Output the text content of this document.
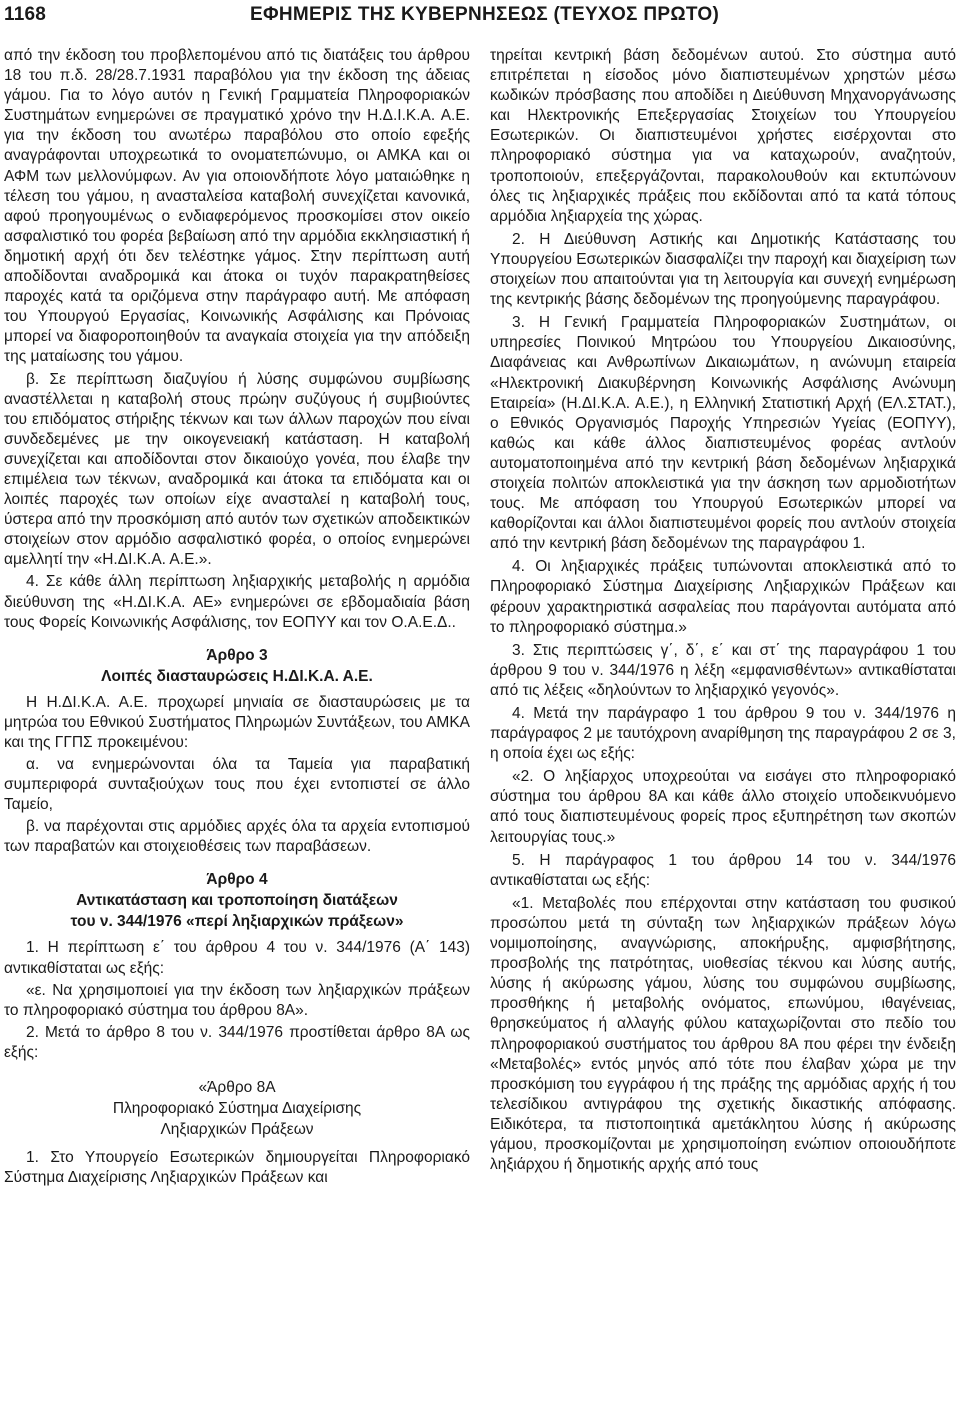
1168	ΕΦΗΜΕΡΙΣ ΤΗΣ ΚΥΒΕΡΝΗΣΕΩΣ (ΤΕΥΧΟΣ ΠΡΩΤΟ)

από την έκδοση του προβλεπομένου από τις διατάξεις του άρθρου 18 του π.δ. 28/28.7.1931 παραβόλου για την έκδοση της άδειας γάμου. Για το λόγο αυτόν η Γενική Γραμματεία Πληροφοριακών Συστημάτων ενημερώνει σε πραγματικό χρόνο την Η.Δ.Ι.Κ.Α. Α.Ε. για την έκδοση του ανωτέρω παραβόλου στο οποίο εφεξής αναγράφονται υποχρεωτικά το ονοματεπώνυμο, οι ΑΜΚΑ και οι ΑΦΜ των μελλονύμφων. Αν για οποιονδήποτε λόγο ματαιώθηκε η τέλεση του γάμου, η ανασταλείσα καταβολή συνεχίζεται κανονικά, αφού προηγουμένως ο ενδιαφερόμενος προσκομίσει στον οικείο ασφαλιστικό του φορέα βεβαίωση από την αρμόδια εκκλησιαστική ή δημοτική αρχή ότι δεν τελέστηκε γάμος. Στην περίπτωση αυτή αποδίδονται αναδρομικά και άτοκα οι τυχόν παρακρατηθείσες παροχές κατά τα οριζόμενα στην παράγραφο αυτή. Με απόφαση του Υπουργού Εργασίας, Κοινωνικής Ασφάλισης και Πρόνοιας μπορεί να διαφοροποιηθούν τα αναγκαία στοιχεία για την απόδειξη της ματαίωσης του γάμου.

β. Σε περίπτωση διαζυγίου ή λύσης συμφώνου συμβίωσης αναστέλλεται η καταβολή στους πρώην συζύγους ή συμβιούντες του επιδόματος στήριξης τέκνων και των άλλων παροχών που είναι συνδεδεμένες με την οικογενειακή κατάσταση. Η καταβολή συνεχίζεται και αποδίδονται στον δικαιούχο γονέα, που έλαβε την επιμέλεια των τέκνων, αναδρομικά και άτοκα τα επιδόματα και οι λοιπές παροχές των οποίων είχε ανασταλεί η καταβολή τους, ύστερα από την προσκόμιση από αυτόν των σχετικών αποδεικτικών στοιχείων στον αρμόδιο ασφαλιστικό φορέα, ο οποίος ενημερώνει αμελλητί την «Η.ΔΙ.Κ.Α. Α.Ε.».

4. Σε κάθε άλλη περίπτωση ληξιαρχικής μεταβολής η αρμόδια διεύθυνση της «Η.ΔΙ.Κ.Α. ΑΕ» ενημερώνει σε εβδομαδιαία βάση τους Φορείς Κοινωνικής Ασφάλισης, τον ΕΟΠΥΥ και τον Ο.Α.Ε.Δ..

Άρθρο 3
Λοιπές διασταυρώσεις Η.ΔΙ.Κ.Α. Α.Ε.

Η Η.ΔΙ.Κ.Α. Α.Ε. προχωρεί μηνιαία σε διασταυρώσεις με τα μητρώα του Εθνικού Συστήματος Πληρωμών Συντάξεων, του ΑΜΚΑ και της ΓΓΠΣ προκειμένου:

α. να ενημερώνονται όλα τα Ταμεία για παραβατική συμπεριφορά συνταξιούχων τους που έχει εντοπιστεί σε άλλο Ταμείο,

β. να παρέχονται στις αρμόδιες αρχές όλα τα αρχεία εντοπισμού των παραβατών και στοιχειοθέσεις των παραβάσεων.

Άρθρο 4
Αντικατάσταση και τροποποίηση διατάξεων
του ν. 344/1976 «περί ληξιαρχικών πράξεων»

1. Η περίπτωση ε΄ του άρθρου 4 του ν. 344/1976 (Α΄ 143) αντικαθίσταται ως εξής:

«ε. Να χρησιμοποιεί για την έκδοση των ληξιαρχικών πράξεων το πληροφοριακό σύστημα του άρθρου 8Α».

2. Μετά το άρθρο 8 του ν. 344/1976 προστίθεται άρθρο 8Α ως εξής:

«Άρθρο 8Α
Πληροφοριακό Σύστημα Διαχείρισης
Ληξιαρχικών Πράξεων

1. Στο Υπουργείο Εσωτερικών δημιουργείται Πληροφοριακό Σύστημα Διαχείρισης Ληξιαρχικών Πράξεων και

τηρείται κεντρική βάση δεδομένων αυτού. Στο σύστημα αυτό επιτρέπεται η είσοδος μόνο διαπιστευμένων χρηστών μέσω κωδικών πρόσβασης που αποδίδει η Διεύθυνση Μηχανοργάνωσης και Ηλεκτρονικής Επεξεργασίας Στοιχείων του Υπουργείου Εσωτερικών. Οι διαπιστευμένοι χρήστες εισέρχονται στο πληροφοριακό σύστημα για να καταχωρούν, αναζητούν, τροποποιούν, επεξεργάζονται, παρακολουθούν και εκτυπώνουν όλες τις ληξιαρχικές πράξεις που εκδίδονται από τα κατά τόπους αρμόδια ληξιαρχεία της χώρας.

2. Η Διεύθυνση Αστικής και Δημοτικής Κατάστασης του Υπουργείου Εσωτερικών διασφαλίζει την παροχή και διαχείριση των στοιχείων που απαιτούνται για τη λειτουργία και συνεχή ενημέρωση της κεντρικής βάσης δεδομένων της προηγούμενης παραγράφου.

3. Η Γενική Γραμματεία Πληροφοριακών Συστημάτων, οι υπηρεσίες Ποινικού Μητρώου του Υπουργείου Δικαιοσύνης, Διαφάνειας και Ανθρωπίνων Δικαιωμάτων, η ανώνυμη εταιρεία «Ηλεκτρονική Διακυβέρνηση Κοινωνικής Ασφάλισης Ανώνυμη Εταιρεία» (Η.ΔΙ.Κ.Α. Α.Ε.), η Ελληνική Στατιστική Αρχή (ΕΛ.ΣΤΑΤ.), ο Εθνικός Οργανισμός Παροχής Υπηρεσιών Υγείας (ΕΟΠΥΥ), καθώς και κάθε άλλος διαπιστευμένος φορέας αντλούν αυτοματοποιημένα από την κεντρική βάση δεδομένων ληξιαρχικά στοιχεία πολιτών αποκλειστικά για την άσκηση των αρμοδιοτήτων τους. Με απόφαση του Υπουργού Εσωτερικών μπορεί να καθορίζονται και άλλοι διαπιστευμένοι φορείς που αντλούν στοιχεία από την κεντρική βάση δεδομένων της παραγράφου 1.

4. Οι ληξιαρχικές πράξεις τυπώνονται αποκλειστικά από το Πληροφοριακό Σύστημα Διαχείρισης Ληξιαρχικών Πράξεων και φέρουν χαρακτηριστικά ασφαλείας που παράγονται αυτόματα από το πληροφοριακό σύστημα.»

3. Στις περιπτώσεις γ΄, δ΄, ε΄ και στ΄ της παραγράφου 1 του άρθρου 9 του ν. 344/1976 η λέξη «εμφανισθέντων» αντικαθίσταται από τις λέξεις «δηλούντων το ληξιαρχικό γεγονός».

4. Μετά την παράγραφο 1 του άρθρου 9 του ν. 344/1976 η παράγραφος 2 με ταυτόχρονη αναρίθμηση της παραγράφου 2 σε 3, η οποία έχει ως εξής:

«2. Ο ληξίαρχος υποχρεούται να εισάγει στο πληροφοριακό σύστημα του άρθρου 8Α και κάθε άλλο στοιχείο υποδεικνυόμενο από τους διαπιστευμένους φορείς προς εξυπηρέτηση των σκοπών λειτουργίας τους.»

5. Η παράγραφος 1 του άρθρου 14 του ν. 344/1976 αντικαθίσταται ως εξής:

«1. Μεταβολές που επέρχονται στην κατάσταση του φυσικού προσώπου μετά τη σύνταξη των ληξιαρχικών πράξεων λόγω νομιμοποίησης, αναγνώρισης, αποκήρυξης, αμφισβήτησης, προσβολής της πατρότητας, υιοθεσίας τέκνου και λύσης αυτής, λύσης ή ακύρωσης γάμου, λύσης του συμφώνου συμβίωσης, προσθήκης ή μεταβολής ονόματος, επωνύμου, ιθαγένειας, θρησκεύματος ή αλλαγής φύλου καταχωρίζονται στο πεδίο του πληροφοριακού συστήματος του άρθρου 8Α που φέρει την ένδειξη «Μεταβολές» εντός μηνός από τότε που έλαβαν χώρα με την προσκόμιση του εγγράφου ή της πράξης της αρμόδιας αρχής ή του τελεσίδικου αντιγράφου της σχετικής δικαστικής απόφασης. Ειδικότερα, τα πιστοποιητικά αμετάκλητου λύσης ή ακύρωσης γάμου, προσκομίζονται με χρησιμοποίηση ενώπιον οποιουδήποτε ληξιάρχου ή δημοτικής αρχής από τους
